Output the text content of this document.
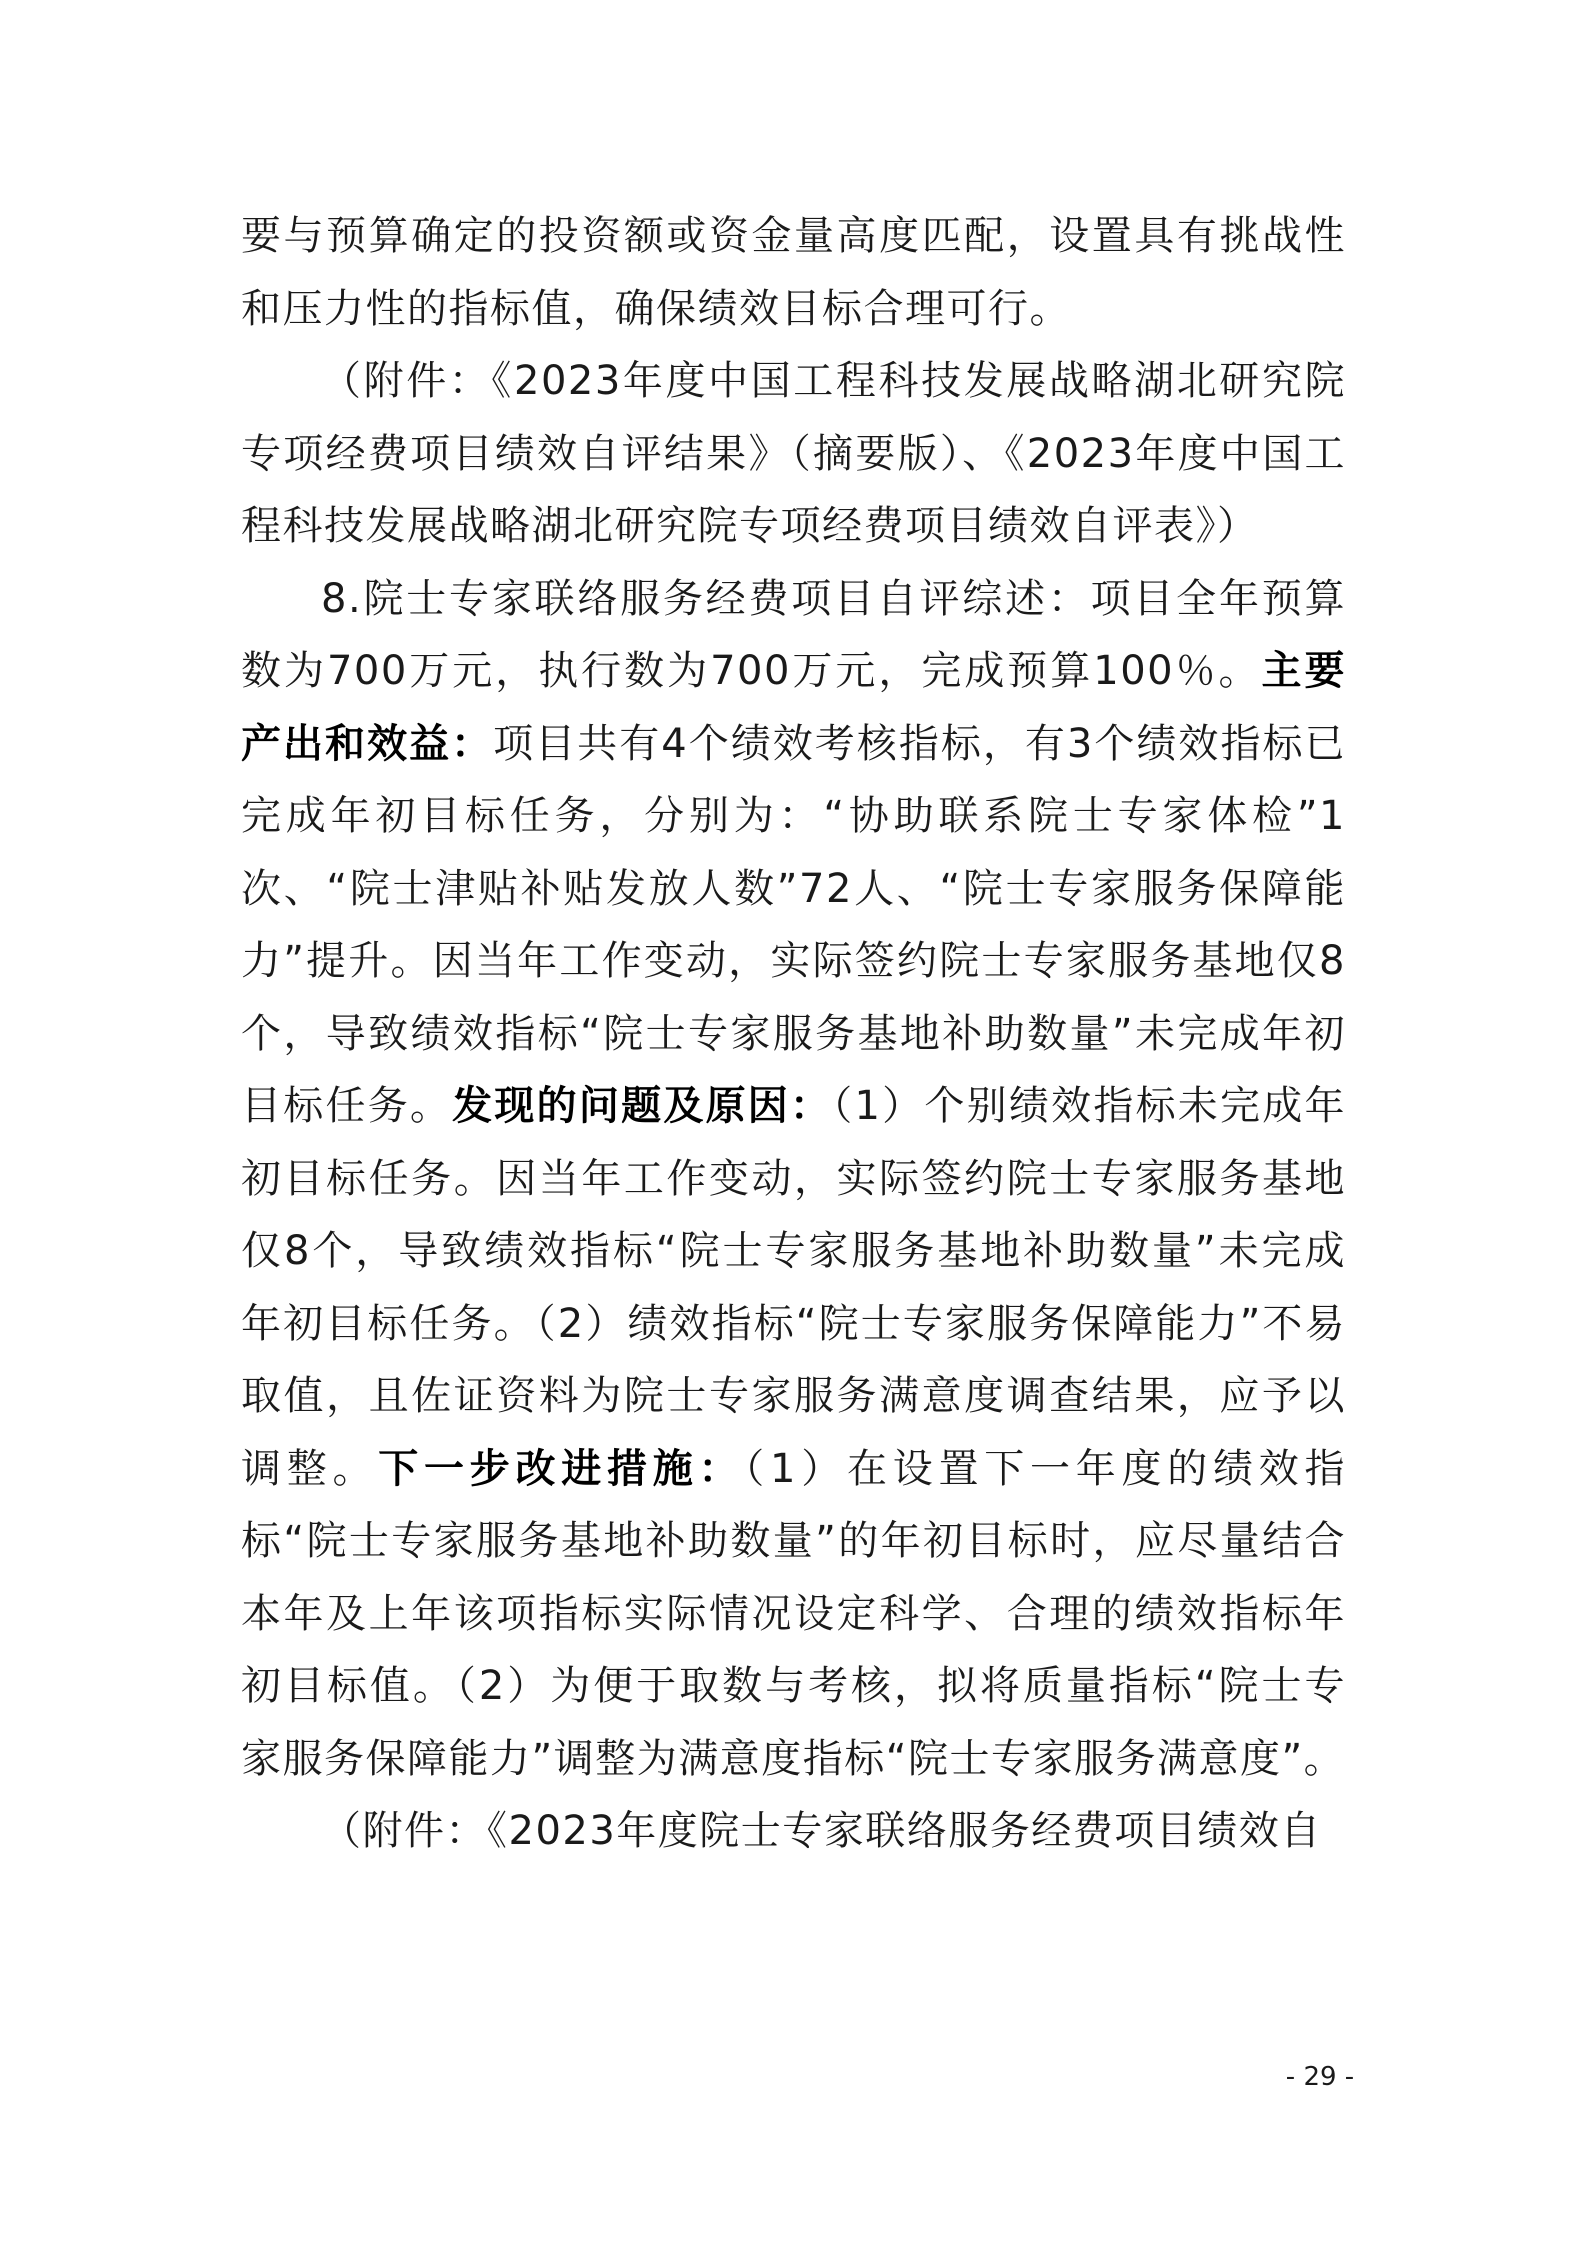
要与预算确定的投资额或资金量高度匹配，设置具有挑战性和压力性的指标值，确保绩效目标合理可行。

（附件：《2023年度中国工程科技发展战略湖北研究院专项经费项目绩效自评结果》（摘要版）、《2023年度中国工程科技发展战略湖北研究院专项经费项目绩效自评表》）

8.院士专家联络服务经费项目自评综述：项目全年预算数为700万元，执行数为700万元，完成预算100％。主要产出和效益：项目共有4个绩效考核指标，有3个绩效指标已完成年初目标任务，分别为：“协助联系院士专家体检”1次、“院士津贴补贴发放人数”72人、“院士专家服务保障能力”提升。因当年工作变动，实际签约院士专家服务基地仅8个，导致绩效指标“院士专家服务基地补助数量”未完成年初目标任务。发现的问题及原因：（1）个别绩效指标未完成年初目标任务。因当年工作变动，实际签约院士专家服务基地仅8个，导致绩效指标“院士专家服务基地补助数量”未完成年初目标任务。（2）绩效指标“院士专家服务保障能力”不易取值，且佐证资料为院士专家服务满意度调查结果，应予以调整。下一步改进措施：（1）在设置下一年度的绩效指标“院士专家服务基地补助数量”的年初目标时，应尽量结合本年及上年该项指标实际情况设定科学、合理的绩效指标年初目标值。（2）为便于取数与考核，拟将质量指标“院士专家服务保障能力”调整为满意度指标“院士专家服务满意度”。

（附件：《2023年度院士专家联络服务经费项目绩效自

- 29 -
